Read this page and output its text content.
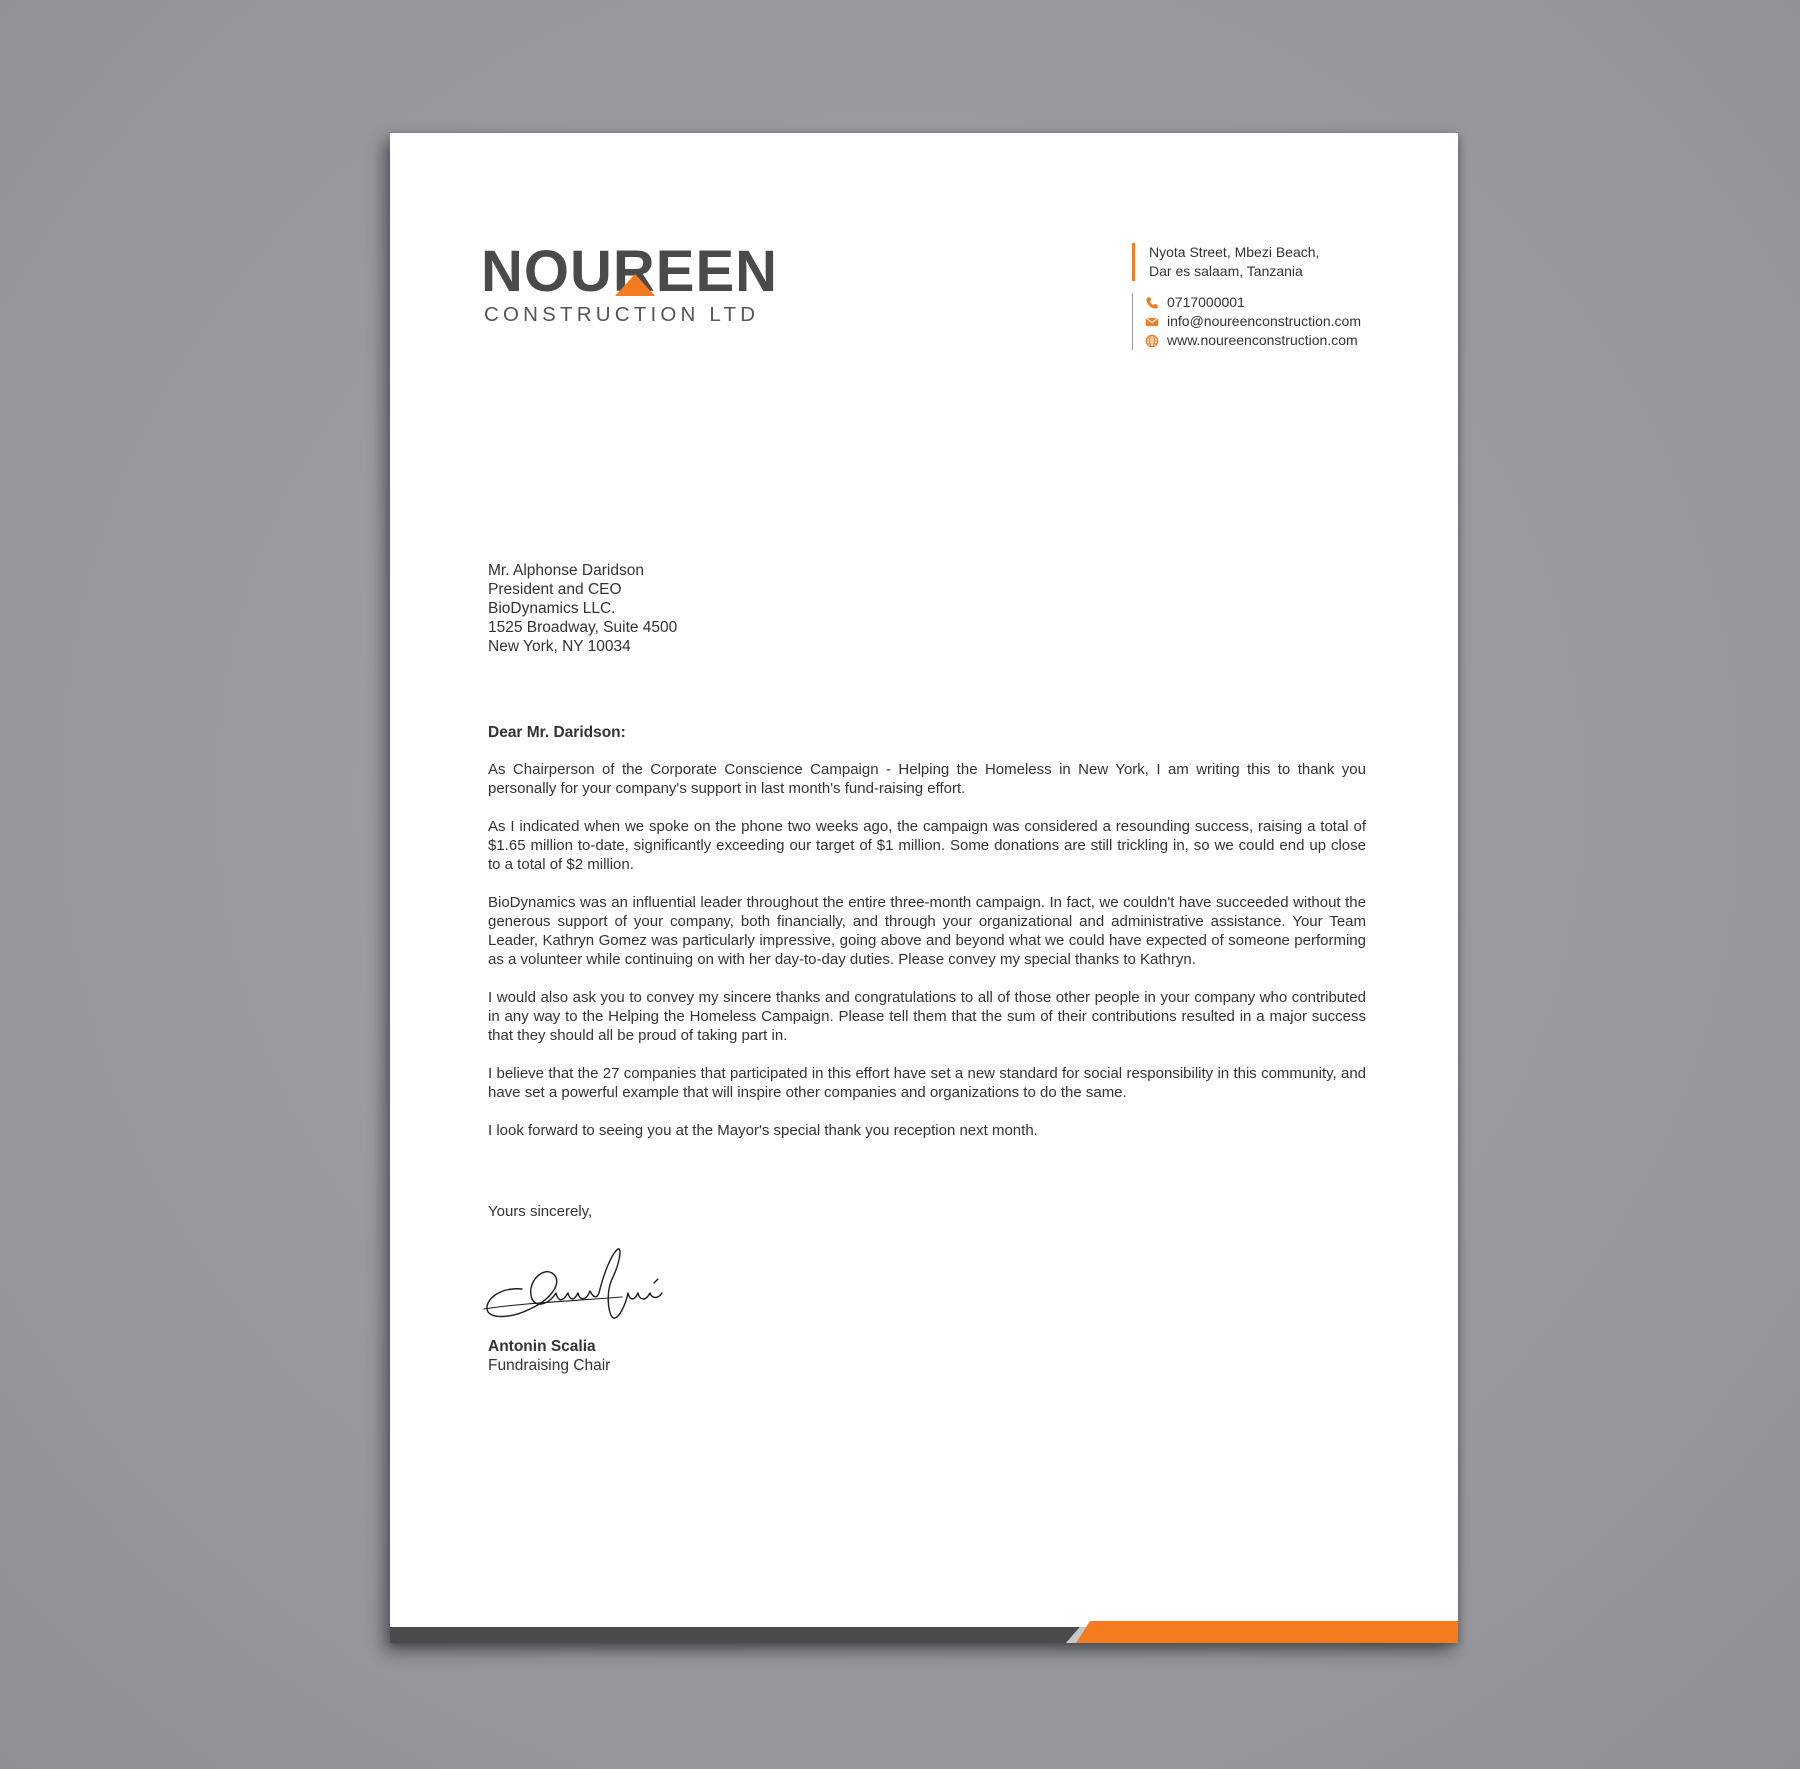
NOU R EEN
CONSTRUCTION LTD
Nyota Street, Mbezi Beach,
Dar es salaam, Tanzania
0717000001
info@noureenconstruction.com
www.noureenconstruction.com
Mr. Alphonse Daridson
President and CEO
BioDynamics LLC.
1525 Broadway, Suite 4500
New York, NY 10034
Dear Mr. Daridson:

As Chairperson of the Corporate Conscience Campaign - Helping the Homeless in New York, I am writing this to thank you personally for your company's support in last month's fund-raising effort.

As I indicated when we spoke on the phone two weeks ago, the campaign was considered a resounding success, raising a total of $1.65 million to-date, significantly exceeding our target of $1 million. Some donations are still trickling in, so we could end up close to a total of $2 million.

BioDynamics was an influential leader throughout the entire three-month campaign. In fact, we couldn't have succeeded without the generous support of your company, both financially, and through your organizational and administrative assistance. Your Team Leader, Kathryn Gomez was particularly impressive, going above and beyond what we could have expected of someone performing as a volunteer while continuing on with her day-to-day duties. Please convey my special thanks to Kathryn.

I would also ask you to convey my sincere thanks and congratulations to all of those other people in your company who contributed in any way to the Helping the Homeless Campaign. Please tell them that the sum of their contributions resulted in a major success that they should all be proud of taking part in.

I believe that the 27 companies that participated in this effort have set a new standard for social responsibility in this community, and have set a powerful example that will inspire other companies and organizations to do the same.

I look forward to seeing you at the Mayor's special thank you reception next month.

Yours sincerely,
Antonin Scalia
Fundraising Chair
